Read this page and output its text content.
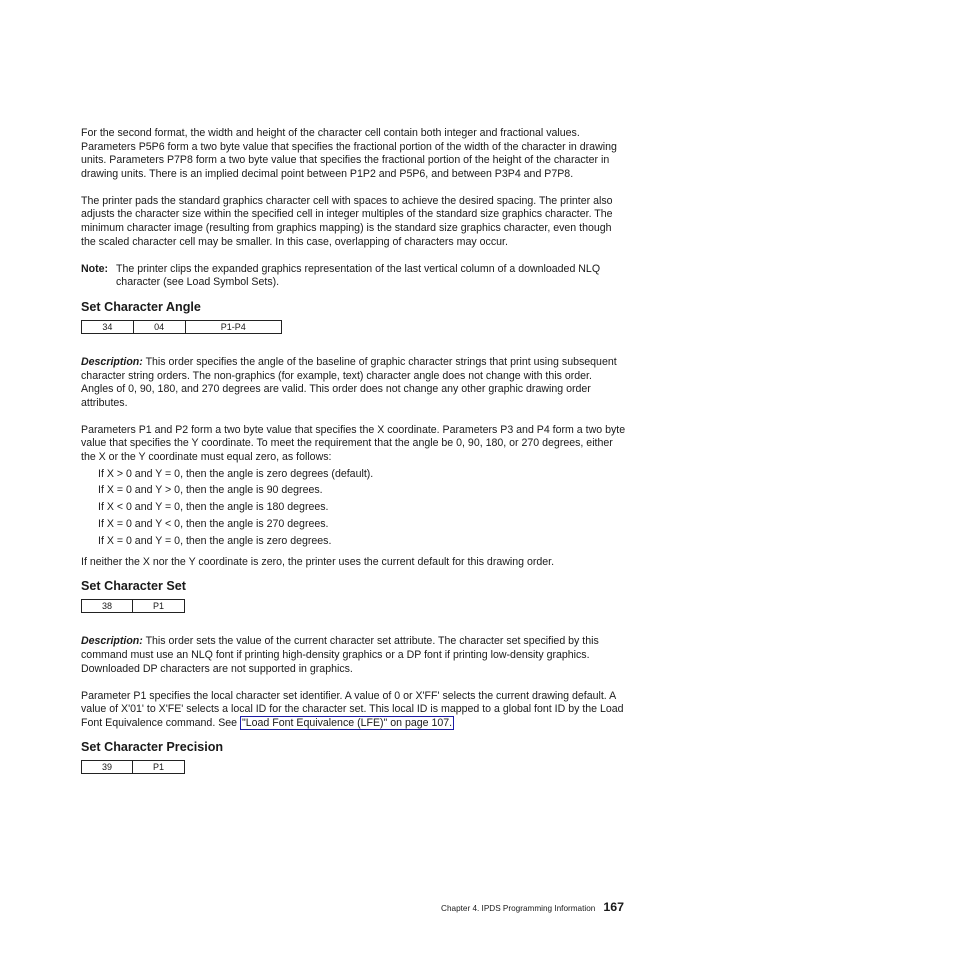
For the second format, the width and height of the character cell contain both integer and fractional values. Parameters P5P6 form a two byte value that specifies the fractional portion of the width of the character in drawing units. Parameters P7P8 form a two byte value that specifies the fractional portion of the height of the character in drawing units. There is an implied decimal point between P1P2 and P5P6, and between P3P4 and P7P8.

The printer pads the standard graphics character cell with spaces to achieve the desired spacing. The printer also adjusts the character size within the specified cell in integer multiples of the standard size graphics character. The minimum character image (resulting from graphics mapping) is the standard size graphics character, even though the scaled character cell may be smaller. In this case, overlapping of characters may occur.

Note: The printer clips the expanded graphics representation of the last vertical column of a downloaded NLQ character (see Load Symbol Sets).
Set Character Angle
34	04	P1-P4

Description: This order specifies the angle of the baseline of graphic character strings that print using subsequent character string orders. The non-graphics (for example, text) character angle does not change with this order. Angles of 0, 90, 180, and 270 degrees are valid. This order does not change any other graphic drawing order attributes.

Parameters P1 and P2 form a two byte value that specifies the X coordinate. Parameters P3 and P4 form a two byte value that specifies the Y coordinate. To meet the requirement that the angle be 0, 90, 180, or 270 degrees, either the X or the Y coordinate must equal zero, as follows:

If X > 0 and Y = 0, then the angle is zero degrees (default).
If X = 0 and Y > 0, then the angle is 90 degrees.
If X < 0 and Y = 0, then the angle is 180 degrees.
If X = 0 and Y < 0, then the angle is 270 degrees.
If X = 0 and Y = 0, then the angle is zero degrees.

If neither the X nor the Y coordinate is zero, the printer uses the current default for this drawing order.

Set Character Set
38	P1

Description: This order sets the value of the current character set attribute. The character set specified by this command must use an NLQ font if printing high-density graphics or a DP font if printing low-density graphics. Downloaded DP characters are not supported in graphics.

Parameter P1 specifies the local character set identifier. A value of 0 or X'FF' selects the current drawing default. A value of X'01' to X'FE' selects a local ID for the character set. This local ID is mapped to a global font ID by the Load Font Equivalence command. See "Load Font Equivalence (LFE)" on page 107.

Set Character Precision
39	P1
Chapter 4. IPDS Programming Information 167
